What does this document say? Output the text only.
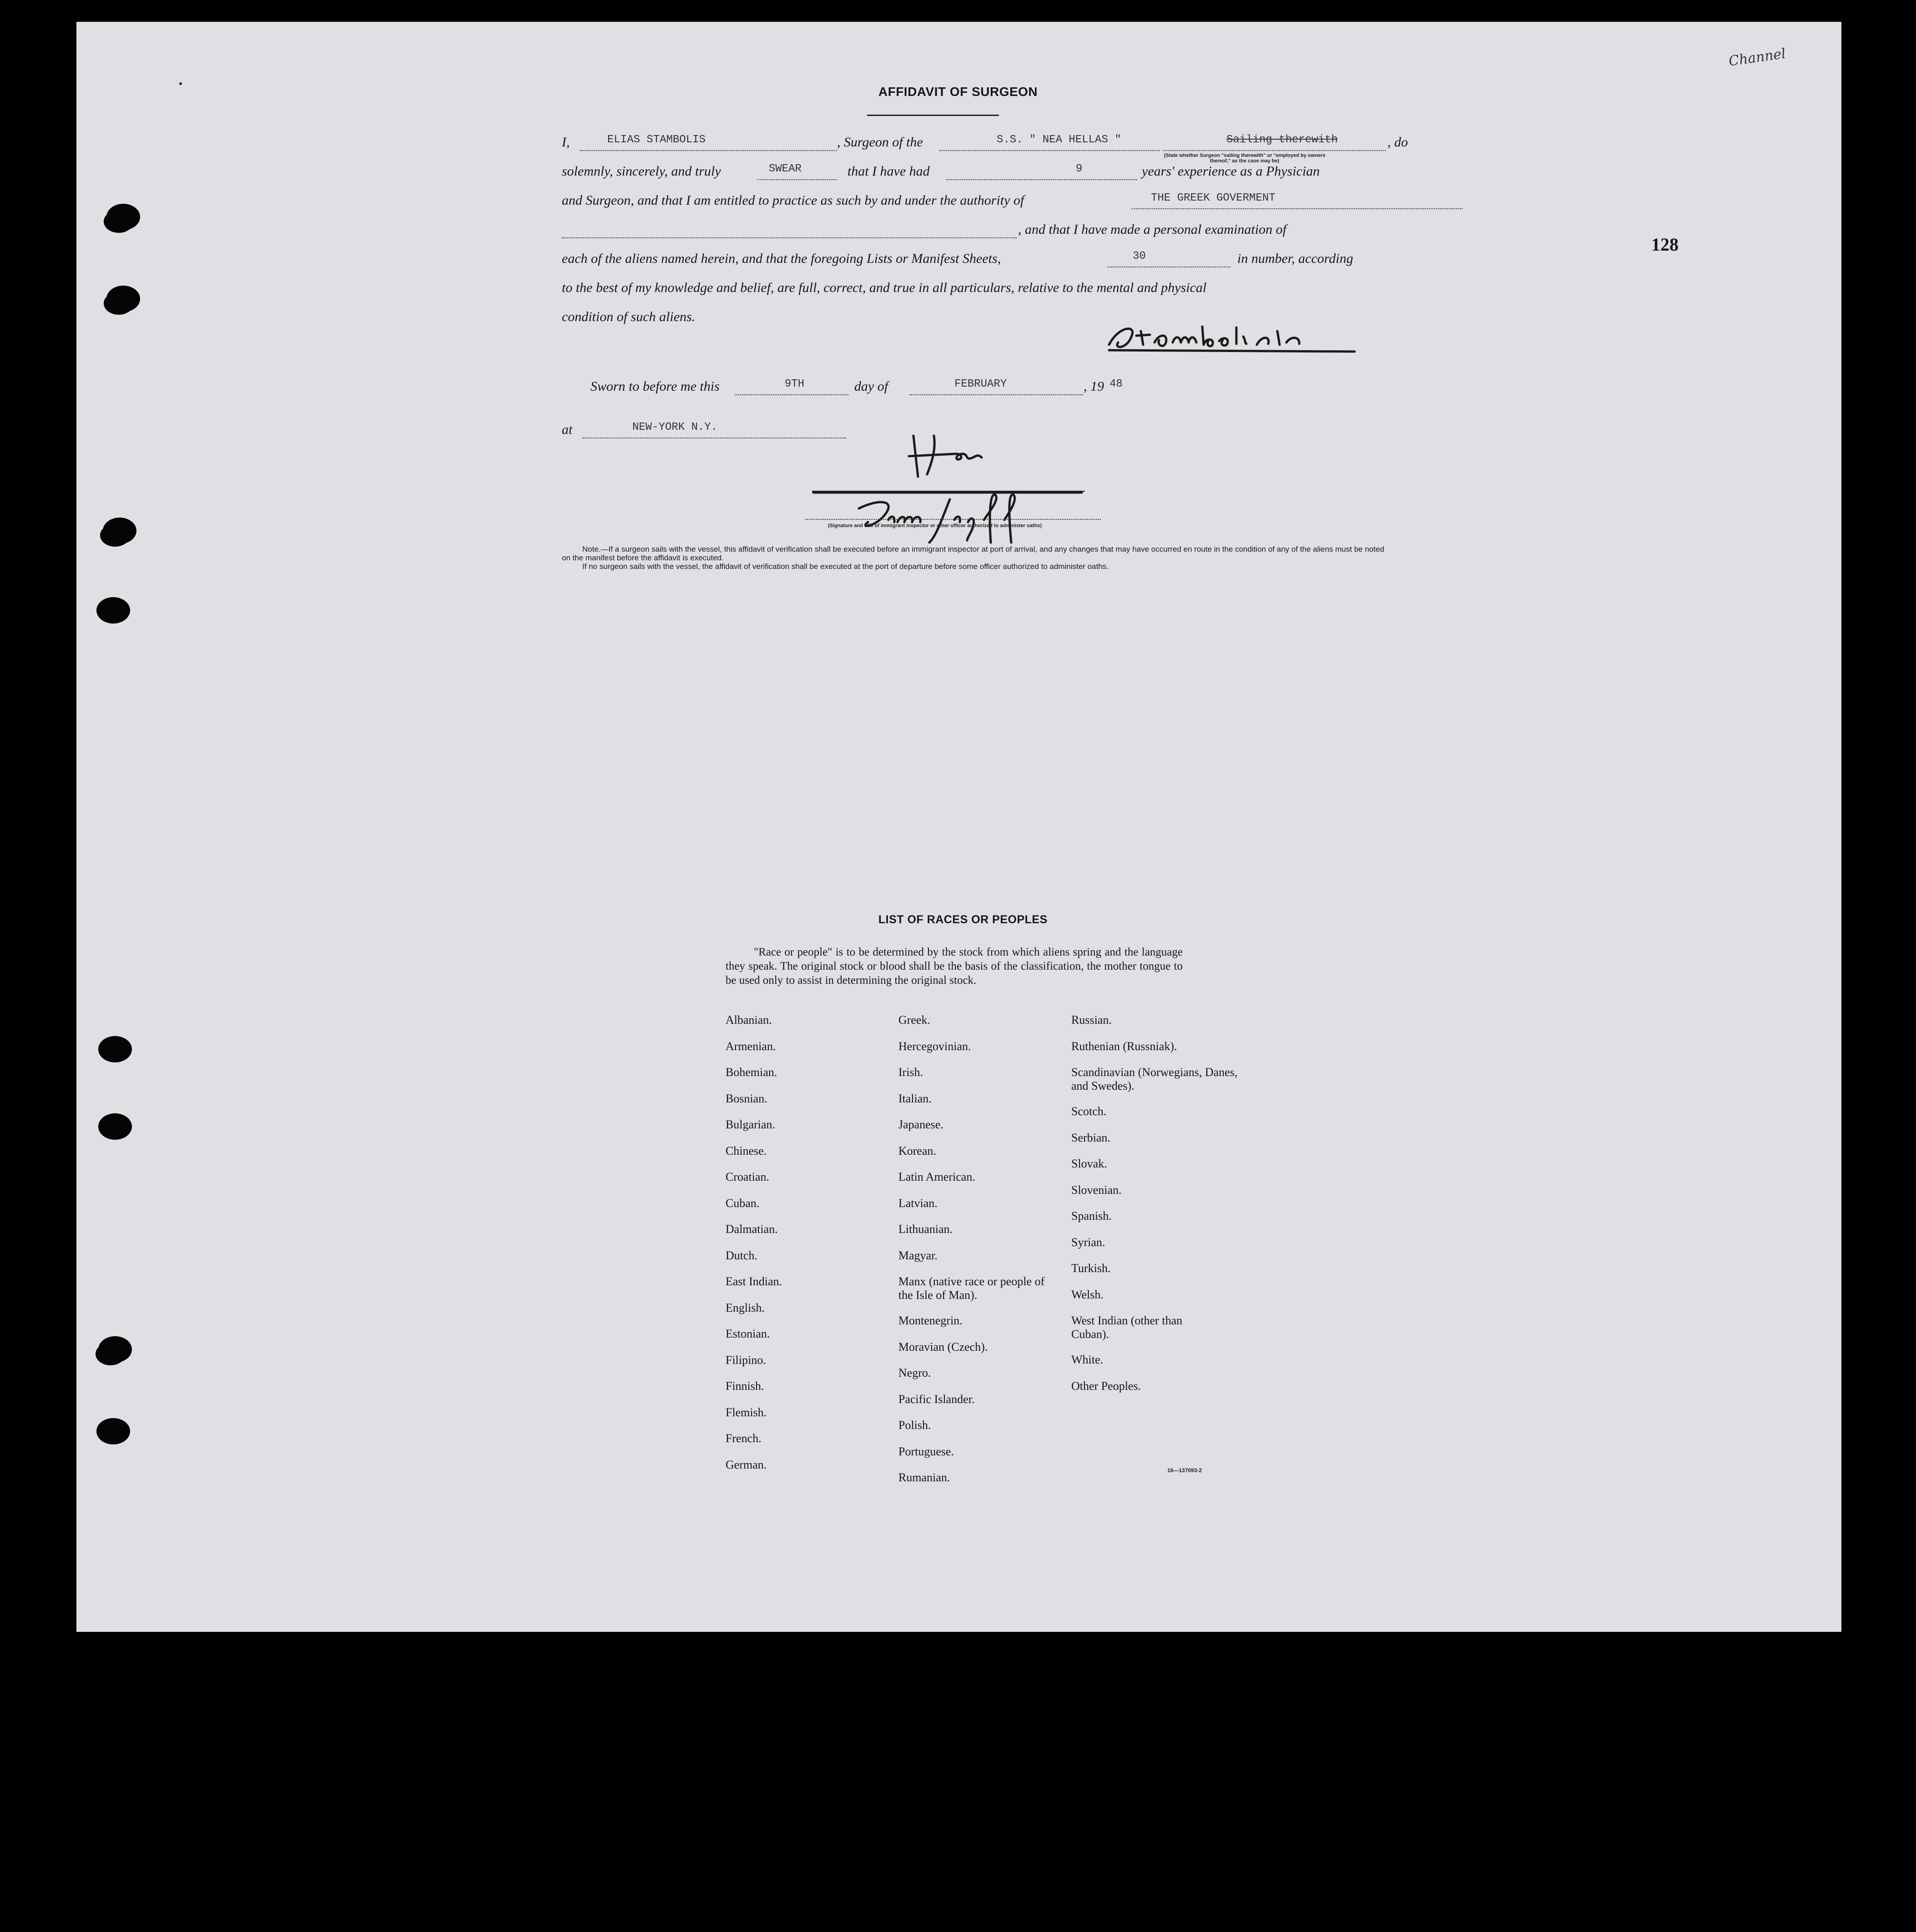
128
Channel
AFFIDAVIT OF SURGEON
I,	ELIAS STAMBOLIS	, Surgeon of the	S.S. " NEA HELLAS "	Sailing therewith	, do
(State whether Surgeon "sailing therewith" or "employed by owners thereof," as the case may be)
solemnly, sincerely, and truly	SWEAR	that I have had	9	years' experience as a Physician
and Surgeon, and that I am entitled to practice as such by and under the authority of	THE GREEK GOVERMENT
, and that I have made a personal examination of
each of the aliens named herein, and that the foregoing Lists or Manifest Sheets,	30	in number, according
to the best of my knowledge and belief, are full, correct, and true in all particulars, relative to the mental and physical
condition of such aliens.
Sworn to before me this	9TH	day of	FEBRUARY	, 19 48
at	NEW-YORK N.Y.
(Signature and title of immigrant inspector or other officer authorized to administer oaths)

Note.—If a surgeon sails with the vessel, this affidavit of verification shall be executed before an immigrant inspector at port of arrival, and any changes that may have occurred en route in the condition of any of the aliens must be noted on the manifest before the affidavit is executed.

If no surgeon sails with the vessel, the affidavit of verification shall be executed at the port of departure before some officer authorized to administer oaths.

LIST OF RACES OR PEOPLES

"Race or people" is to be determined by the stock from which aliens spring and the language they speak. The original stock or blood shall be the basis of the classification, the mother tongue to be used only to assist in determining the original stock.

Albanian.
Armenian.
Bohemian.
Bosnian.
Bulgarian.
Chinese.
Croatian.
Cuban.
Dalmatian.
Dutch.
East Indian.
English.
Estonian.
Filipino.
Finnish.
Flemish.
French.
German.
Greek.
Hercegovinian.
Irish.
Italian.
Japanese.
Korean.
Latin American.
Latvian.
Lithuanian.
Magyar.
Manx (native race or people of the Isle of Man).
Montenegrin.
Moravian (Czech).
Negro.
Pacific Islander.
Polish.
Portuguese.
Rumanian.
Russian.
Ruthenian (Russniak).
Scandinavian (Norwegians, Danes, and Swedes).
Scotch.
Serbian.
Slovak.
Slovenian.
Spanish.
Syrian.
Turkish.
Welsh.
West Indian (other than Cuban).
White.
Other Peoples.
16—137093-2
